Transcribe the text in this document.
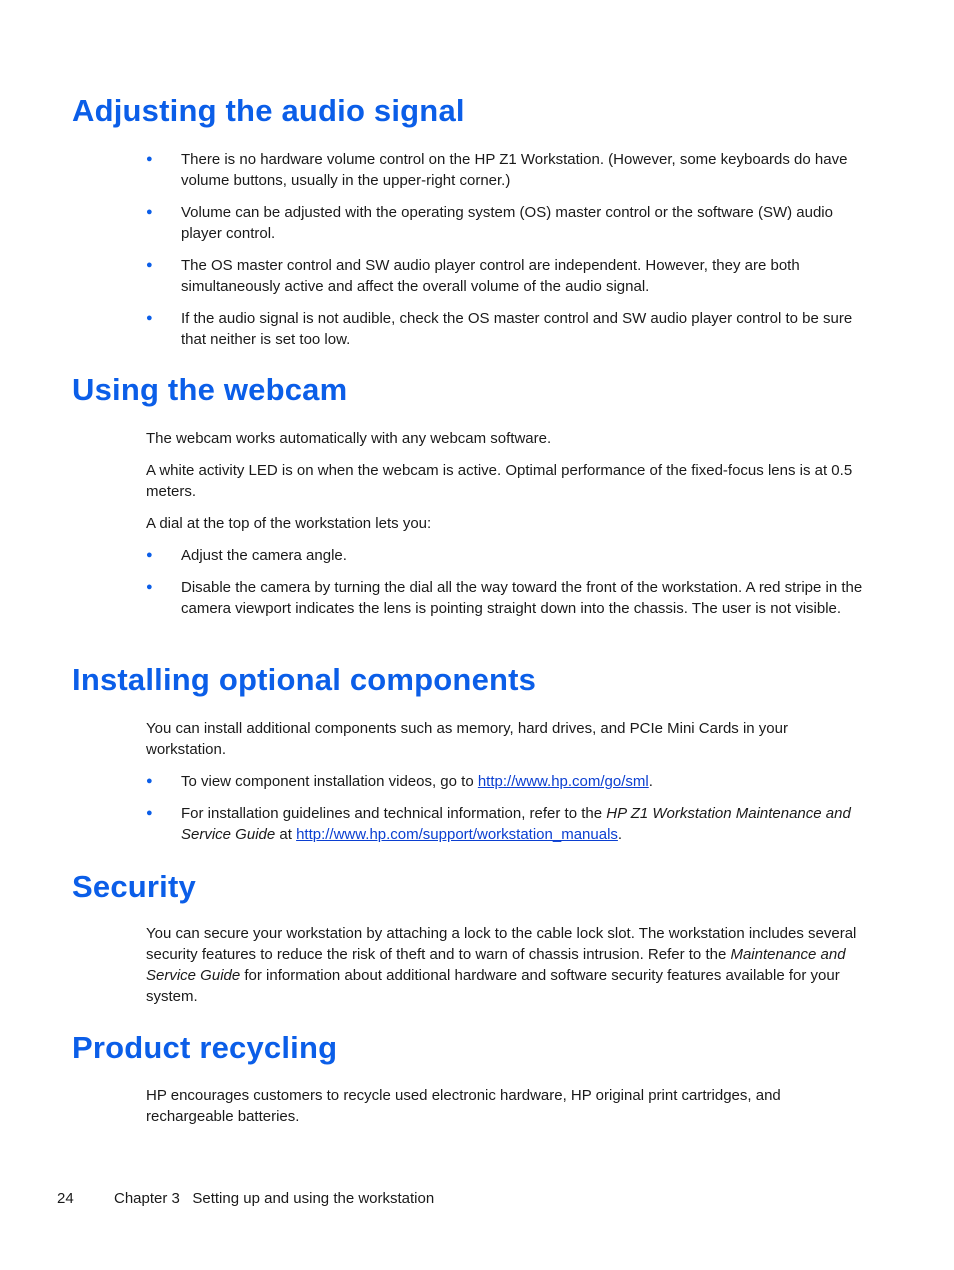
Adjusting the audio signal
●	There is no hardware volume control on the HP Z1 Workstation. (However, some keyboards do have volume buttons, usually in the upper-right corner.)
●	Volume can be adjusted with the operating system (OS) master control or the software (SW) audio player control.
●	The OS master control and SW audio player control are independent. However, they are both simultaneously active and affect the overall volume of the audio signal.
●	If the audio signal is not audible, check the OS master control and SW audio player control to be sure that neither is set too low.
Using the webcam

The webcam works automatically with any webcam software.

A white activity LED is on when the webcam is active. Optimal performance of the fixed-focus lens is at 0.5 meters.

A dial at the top of the workstation lets you:

●	Adjust the camera angle.
●	Disable the camera by turning the dial all the way toward the front of the workstation. A red stripe in the camera viewport indicates the lens is pointing straight down into the chassis. The user is not visible.
Installing optional components

You can install additional components such as memory, hard drives, and PCIe Mini Cards in your workstation.

●	To view component installation videos, go to http://www.hp.com/go/sml.
●	For installation guidelines and technical information, refer to the HP Z1 Workstation Maintenance and Service Guide at http://www.hp.com/support/workstation_manuals.
Security

You can secure your workstation by attaching a lock to the cable lock slot. The workstation includes several security features to reduce the risk of theft and to warn of chassis intrusion. Refer to the Maintenance and Service Guide for information about additional hardware and software security features available for your system.

Product recycling

HP encourages customers to recycle used electronic hardware, HP original print cartridges, and rechargeable batteries.

24	Chapter 3   Setting up and using the workstation
